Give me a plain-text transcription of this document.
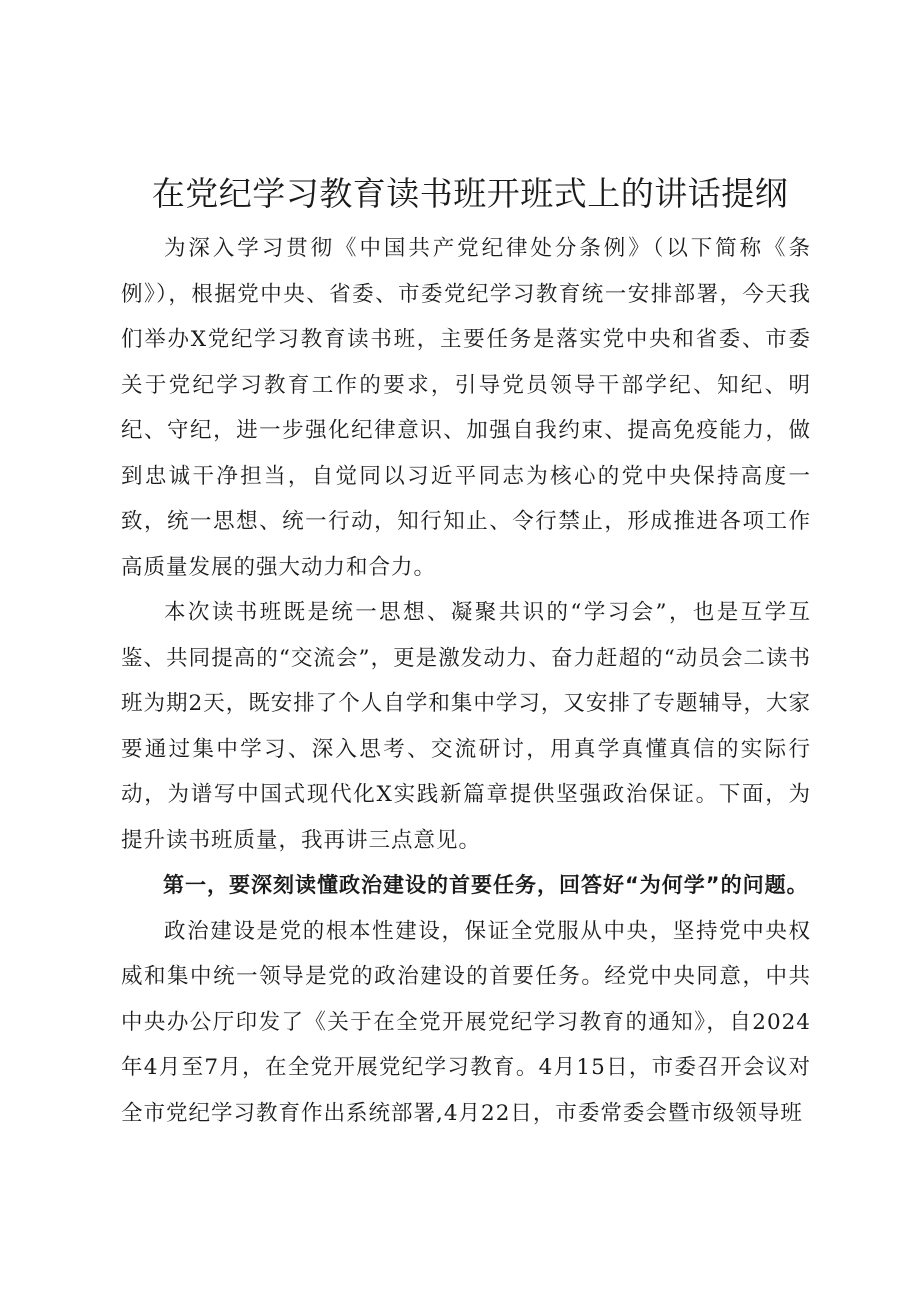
在党纪学习教育读书班开班式上的讲话提纲

为深入学习贯彻《中国共产党纪律处分条例》（以下简称《条例》），根据党中央、省委、市委党纪学习教育统一安排部署，今天我们举办X党纪学习教育读书班，主要任务是落实党中央和省委、市委关于党纪学习教育工作的要求，引导党员领导干部学纪、知纪、明纪、守纪，进一步强化纪律意识、加强自我约束、提高免疫能力，做到忠诚干净担当，自觉同以习近平同志为核心的党中央保持高度一致，统一思想、统一行动，知行知止、令行禁止，形成推进各项工作高质量发展的强大动力和合力。

本次读书班既是统一思想、凝聚共识的“学习会”，也是互学互鉴、共同提高的“交流会”，更是激发动力、奋力赶超的“动员会二读书班为期2天，既安排了个人自学和集中学习，又安排了专题辅导，大家要通过集中学习、深入思考、交流研讨，用真学真懂真信的实际行动，为谱写中国式现代化X实践新篇章提供坚强政治保证。下面，为提升读书班质量，我再讲三点意见。

第一，要深刻读懂政治建设的首要任务，回答好“为何学”的问题。

政治建设是党的根本性建设，保证全党服从中央，坚持党中央权威和集中统一领导是党的政治建设的首要任务。经党中央同意，中共中央办公厅印发了《关于在全党开展党纪学习教育的通知》，自2024年4月至7月，在全党开展党纪学习教育。4月15日，市委召开会议对全市党纪学习教育作出系统部署,4月22日，市委常委会暨市级领导班
